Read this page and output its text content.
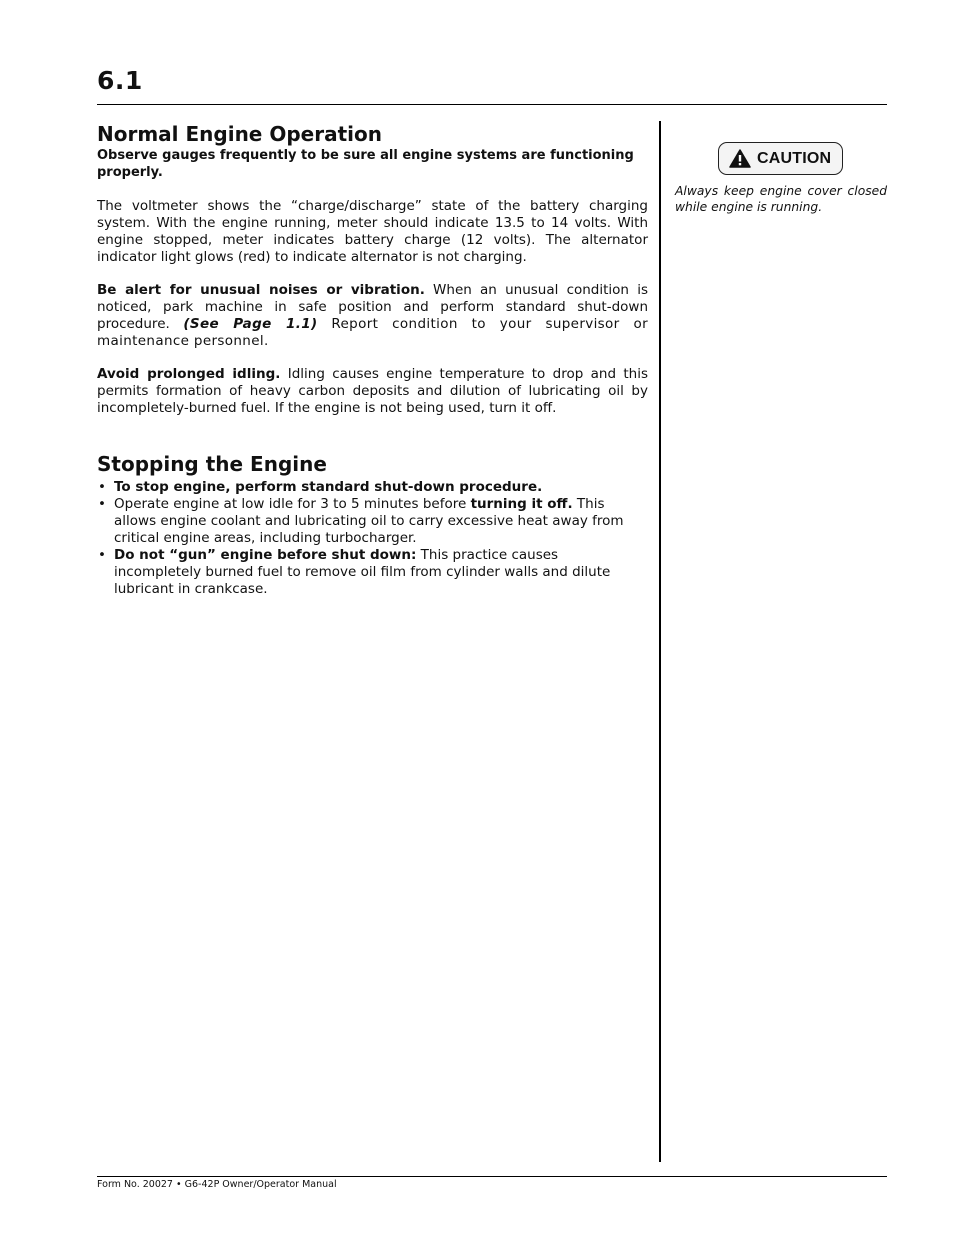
6.1
Normal Engine Operation

Observe gauges frequently to be sure all engine systems are functioning properly.

The voltmeter shows the “charge/discharge” state of the battery charging system. With the engine running, meter should indicate 13.5 to 14 volts. With engine stopped, meter indicates battery charge (12 volts). The alternator indicator light glows (red) to indicate alternator is not charging.

Be alert for unusual noises or vibration. When an unusual condition is noticed, park machine in safe position and perform standard shut-down procedure. (See Page 1.1) Report condition to your supervisor or maintenance personnel.

Avoid prolonged idling. Idling causes engine temperature to drop and this permits formation of heavy carbon deposits and dilution of lubricating oil by incompletely-burned fuel. If the engine is not being used, turn it off.

Stopping the Engine
• To stop engine, perform standard shut-down procedure.
• Operate engine at low idle for 3 to 5 minutes before turning it off. This allows engine coolant and lubricating oil to carry excessive heat away from critical engine areas, including turbocharger.
• Do not “gun” engine before shut down: This practice causes incompletely burned fuel to remove oil film from cylinder walls and dilute lubricant in crankcase.
CAUTION

Always keep engine cover closed while engine is running.

Form No. 20027 • G6-42P Owner/Operator Manual
